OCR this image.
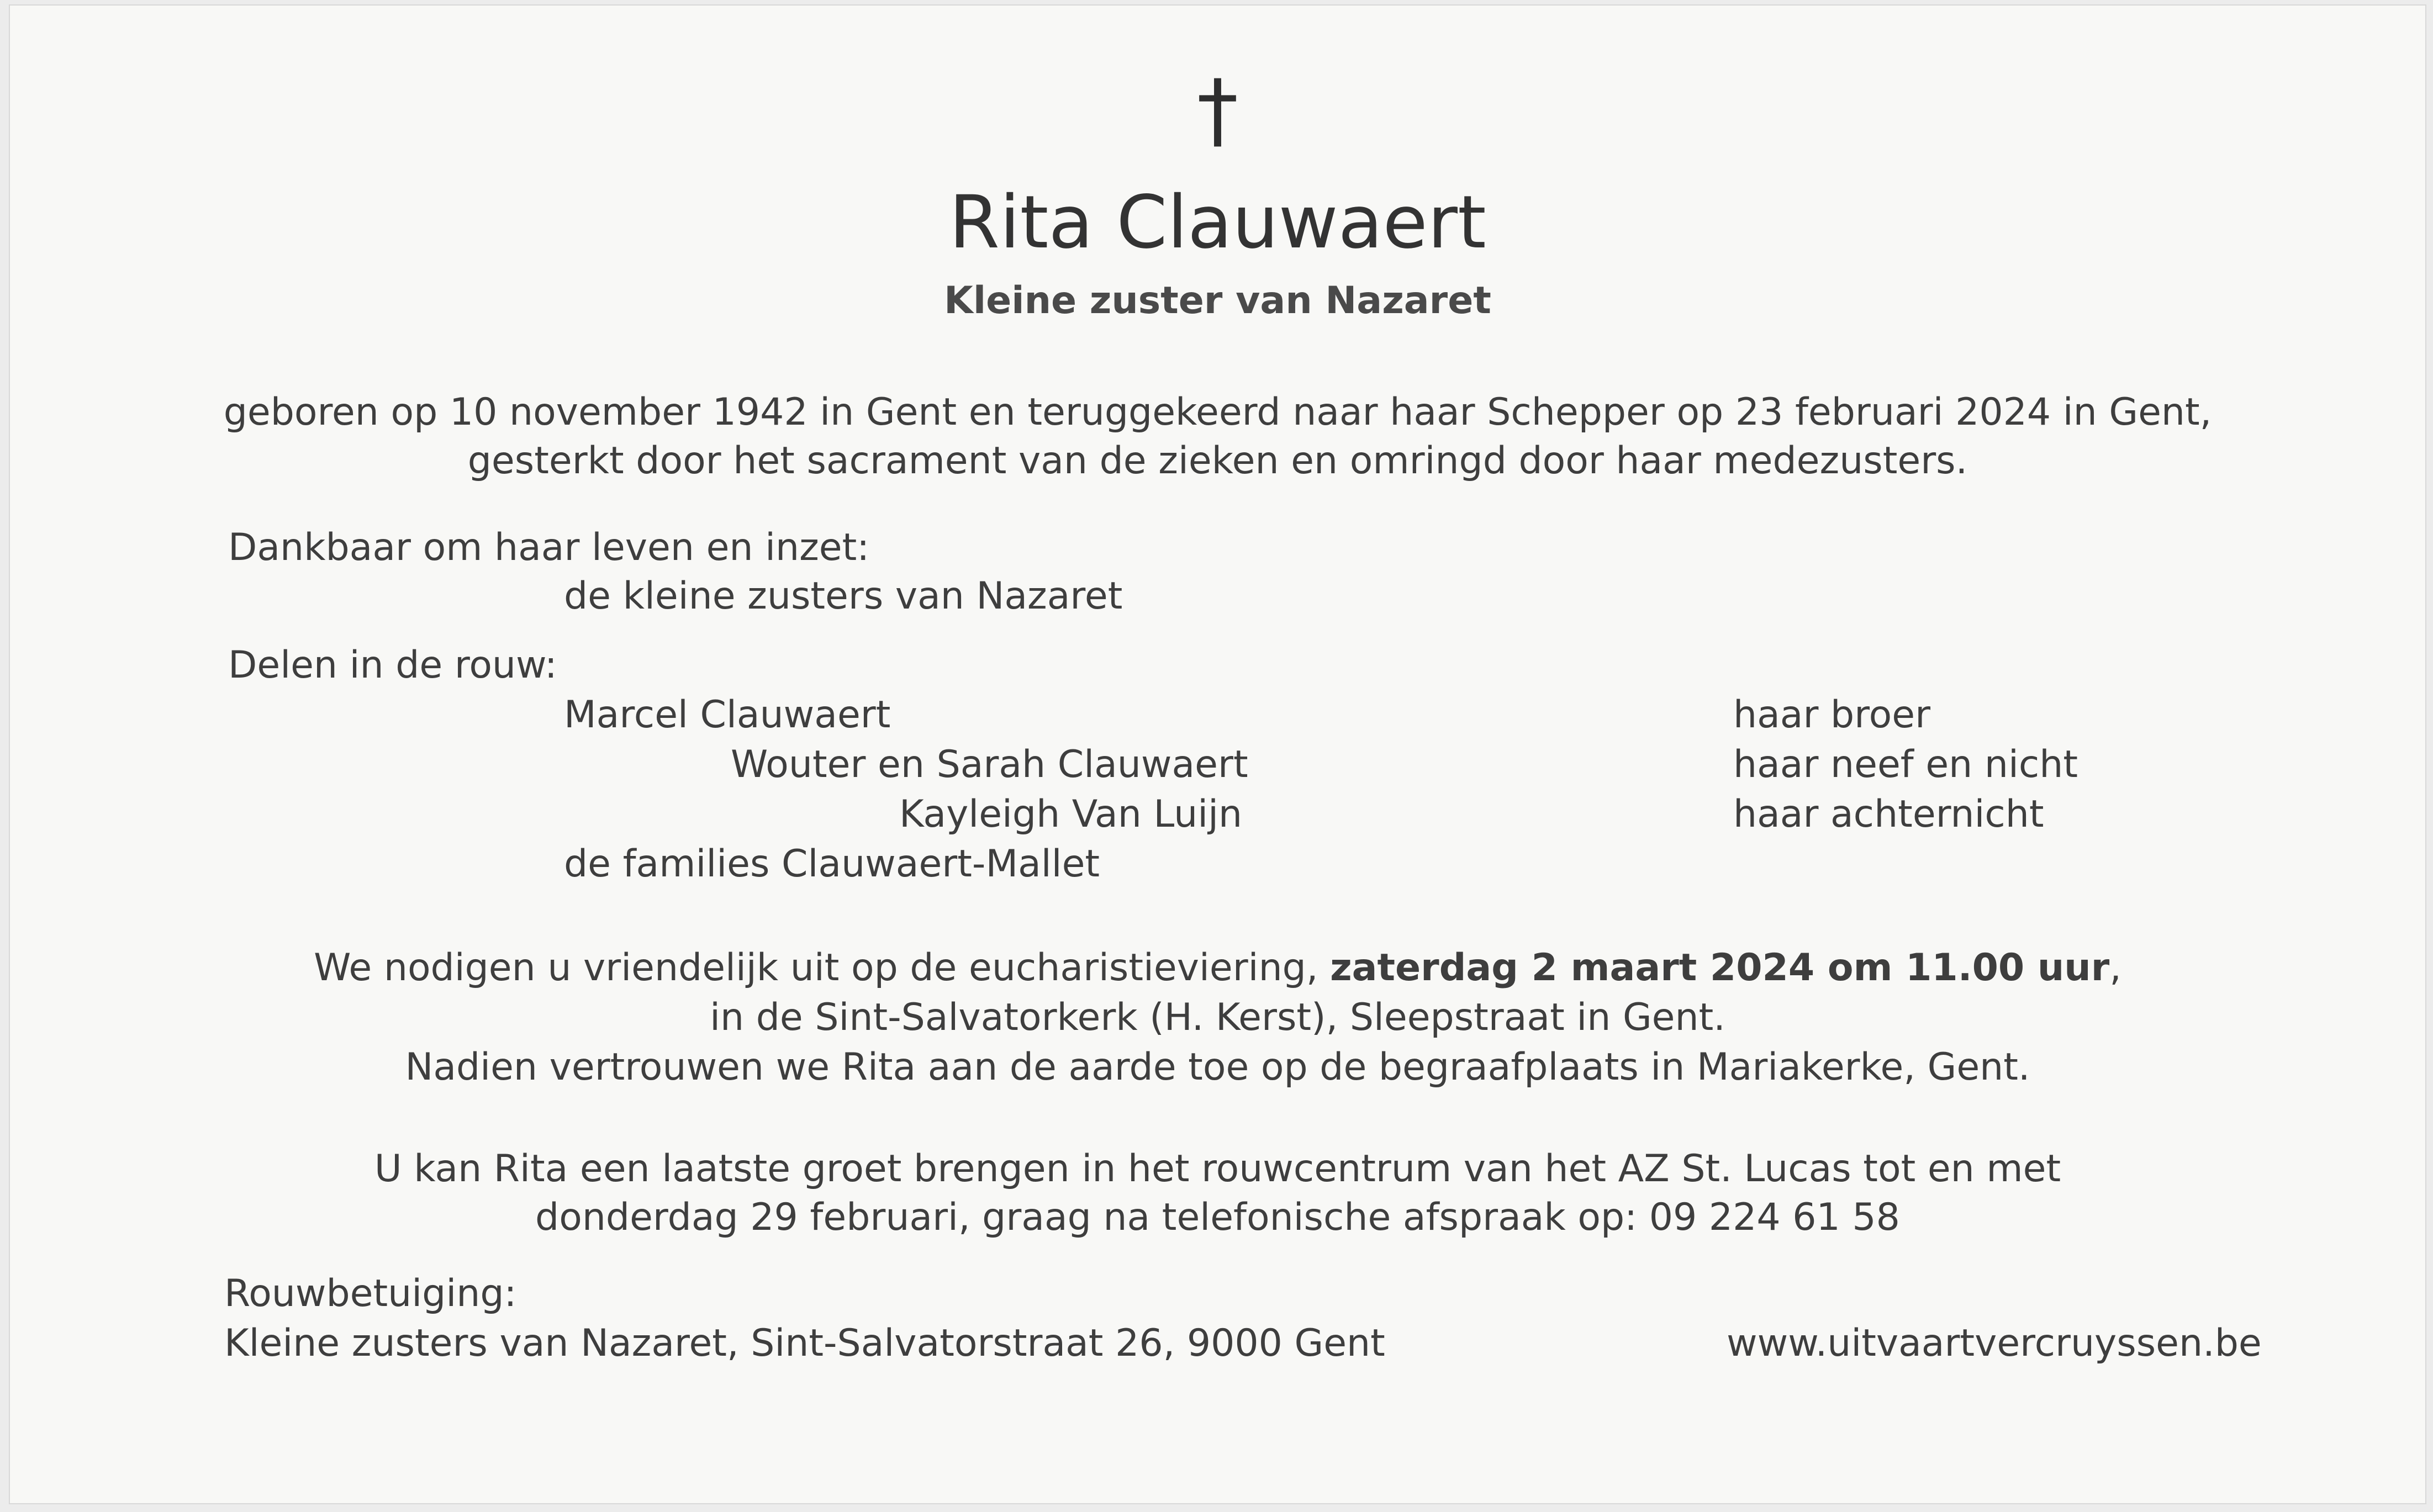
†
Rita Clauwaert
Kleine zuster van Nazaret
geboren op 10 november 1942 in Gent en teruggekeerd naar haar Schepper op 23 februari 2024 in Gent,
gesterkt door het sacrament van de zieken en omringd door haar medezusters.
Dankbaar om haar leven en inzet:
de kleine zusters van Nazaret
Delen in de rouw:
Marcel Clauwaert	haar broer
Wouter en Sarah Clauwaert	haar neef en nicht
Kayleigh Van Luijn	haar achternicht
de families Clauwaert-Mallet
We nodigen u vriendelijk uit op de eucharistieviering, zaterdag 2 maart 2024 om 11.00 uur,
in de Sint-Salvatorkerk (H. Kerst), Sleepstraat in Gent.
Nadien vertrouwen we Rita aan de aarde toe op de begraafplaats in Mariakerke, Gent.
U kan Rita een laatste groet brengen in het rouwcentrum van het AZ St. Lucas tot en met
donderdag 29 februari, graag na telefonische afspraak op: 09 224 61 58
Rouwbetuiging:
Kleine zusters van Nazaret, Sint-Salvatorstraat 26, 9000 Gent	www.uitvaartvercruyssen.be
